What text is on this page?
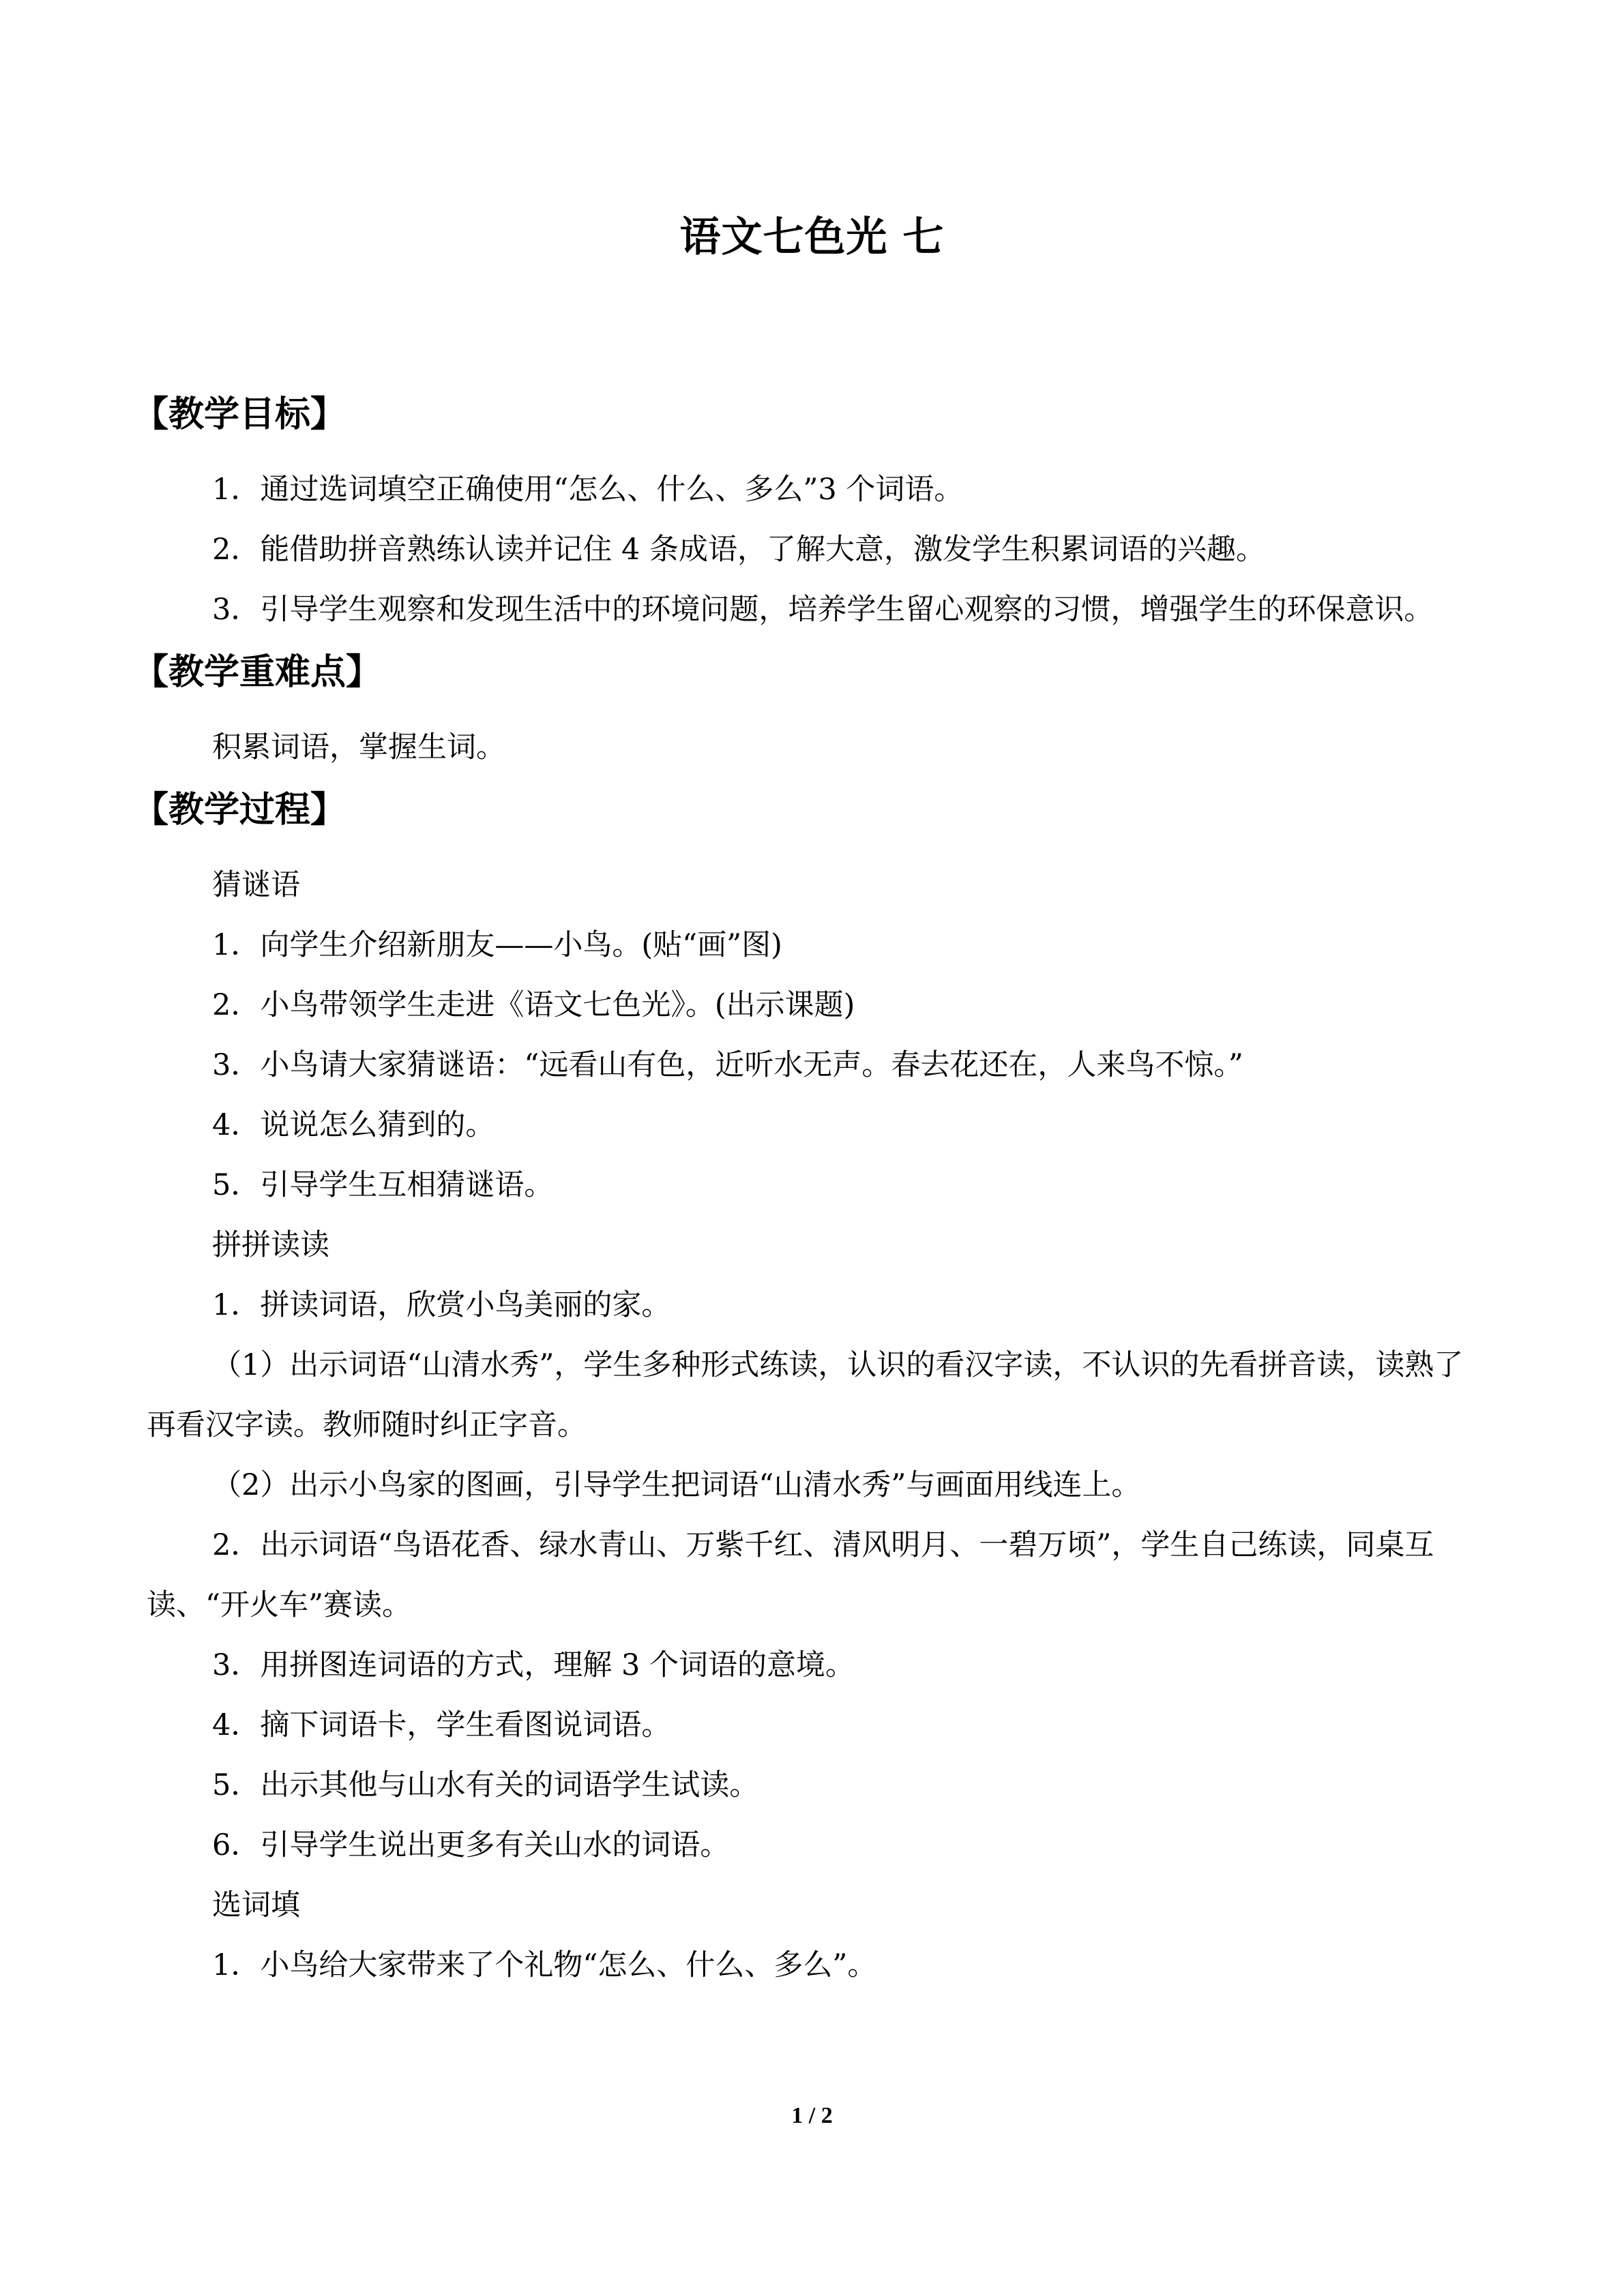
语文七色光 七
【教学目标】

1．通过选词填空正确使用“怎么、什么、多么”3 个词语。

2．能借助拼音熟练认读并记住 4 条成语，了解大意，激发学生积累词语的兴趣。

3．引导学生观察和发现生活中的环境问题，培养学生留心观察的习惯，增强学生的环保意识。

【教学重难点】

积累词语，掌握生词。

【教学过程】

猜谜语

1．向学生介绍新朋友——小鸟。(贴“画”图)

2．小鸟带领学生走进《语文七色光》。(出示课题)

3．小鸟请大家猜谜语：“远看山有色，近听水无声。春去花还在，人来鸟不惊。”

4．说说怎么猜到的。

5．引导学生互相猜谜语。

拼拼读读

1．拼读词语，欣赏小鸟美丽的家。

（1）出示词语“山清水秀”，学生多种形式练读，认识的看汉字读，不认识的先看拼音读，读熟了再看汉字读。教师随时纠正字音。

（2）出示小鸟家的图画，引导学生把词语“山清水秀”与画面用线连上。

2．出示词语“鸟语花香、绿水青山、万紫千红、清风明月、一碧万顷”，学生自己练读，同桌互读、“开火车”赛读。

3．用拼图连词语的方式，理解 3 个词语的意境。

4．摘下词语卡，学生看图说词语。

5．出示其他与山水有关的词语学生试读。

6．引导学生说出更多有关山水的词语。

选词填

1．小鸟给大家带来了个礼物“怎么、什么、多么”。

1 / 2
